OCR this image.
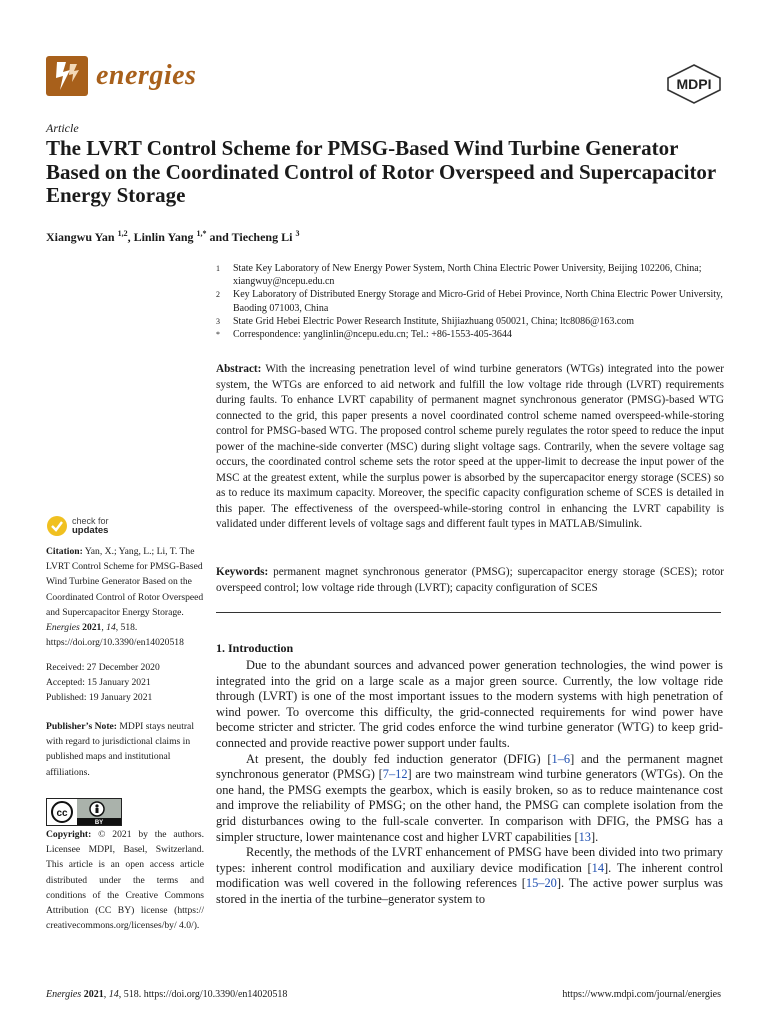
energies	MDPI
Article
The LVRT Control Scheme for PMSG-Based Wind Turbine Generator Based on the Coordinated Control of Rotor Overspeed and Supercapacitor Energy Storage
Xiangwu Yan $^{1,2}$, Linlin Yang $^{1,*}$ and Tiecheng Li $^3$
1	State Key Laboratory of New Energy Power System, North China Electric Power University, Beijing 102206, China; xiangwuy@ncepu.edu.cn
2	Key Laboratory of Distributed Energy Storage and Micro-Grid of Hebei Province, North China Electric Power University, Baoding 071003, China
3	State Grid Hebei Electric Power Research Institute, Shijiazhuang 050021, China; ltc8086@163.com
*	Correspondence: yanglinlin@ncepu.edu.cn; Tel.: +86-1553-405-3644
Abstract: With the increasing penetration level of wind turbine generators (WTGs) integrated into the power system, the WTGs are enforced to aid network and fulfill the low voltage ride through (LVRT) requirements during faults. To enhance LVRT capability of permanent magnet synchronous generator (PMSG)-based WTG connected to the grid, this paper presents a novel coordinated control scheme named overspeed-while-storing control for PMSG-based WTG. The proposed control scheme purely regulates the rotor speed to reduce the input power of the machine-side converter (MSC) during slight voltage sags. Contrarily, when the severe voltage sag occurs, the coordinated control scheme sets the rotor speed at the upper-limit to decrease the input power of the MSC at the greatest extent, while the surplus power is absorbed by the supercapacitor energy storage (SCES) so as to reduce its maximum capacity. Moreover, the specific capacity configuration scheme of SCES is detailed in this paper. The effectiveness of the overspeed-while-storing control in enhancing the LVRT capability is validated under different levels of voltage sags and different fault types in MATLAB/Simulink.
Keywords: permanent magnet synchronous generator (PMSG); supercapacitor energy storage (SCES); rotor overspeed control; low voltage ride through (LVRT); capacity configuration of SCES
check for
updates
Citation: Yan, X.; Yang, L.; Li, T. The LVRT Control Scheme for PMSG-Based Wind Turbine Generator Based on the Coordinated Control of Rotor Overspeed and Supercapacitor Energy Storage. Energies 2021, 14, 518. https://doi.org/10.3390/en14020518
Received: 27 December 2020
Accepted: 15 January 2021
Published: 19 January 2021
Publisher’s Note: MDPI stays neutral with regard to jurisdictional claims in published maps and institutional affiliations.
cc
BY
Copyright: © 2021 by the authors. Licensee MDPI, Basel, Switzerland. This article is an open access article distributed under the terms and conditions of the Creative Commons Attribution (CC BY) license (https:// creativecommons.org/licenses/by/ 4.0/).
1. Introduction

Due to the abundant sources and advanced power generation technologies, the wind power is integrated into the grid on a large scale as a major green source. Currently, the low voltage ride through (LVRT) is one of the most important issues to the modern systems with high penetration of wind power. To overcome this difficulty, the grid-connected requirements for wind power have become stricter and stricter. The grid codes enforce the wind turbine generator (WTG) to keep grid-connected and provide reactive power support under faults.

At present, the doubly fed induction generator (DFIG) [1–6] and the permanent magnet synchronous generator (PMSG) [7–12] are two mainstream wind turbine generators (WTGs). On the one hand, the PMSG exempts the gearbox, which is easily broken, so as to reduce maintenance cost and improve the reliability of PMSG; on the other hand, the PMSG can complete isolation from the grid disturbances owing to the full-scale converter. In comparison with DFIG, the PMSG has a simpler structure, lower maintenance cost and higher LVRT capabilities [13].

Recently, the methods of the LVRT enhancement of PMSG have been divided into two primary types: inherent control modification and auxiliary device modification [14]. The inherent control modification was well covered in the following references [15–20]. The active power surplus was stored in the inertia of the turbine–generator system to

Energies 2021, 14, 518. https://doi.org/10.3390/en14020518	https://www.mdpi.com/journal/energies
